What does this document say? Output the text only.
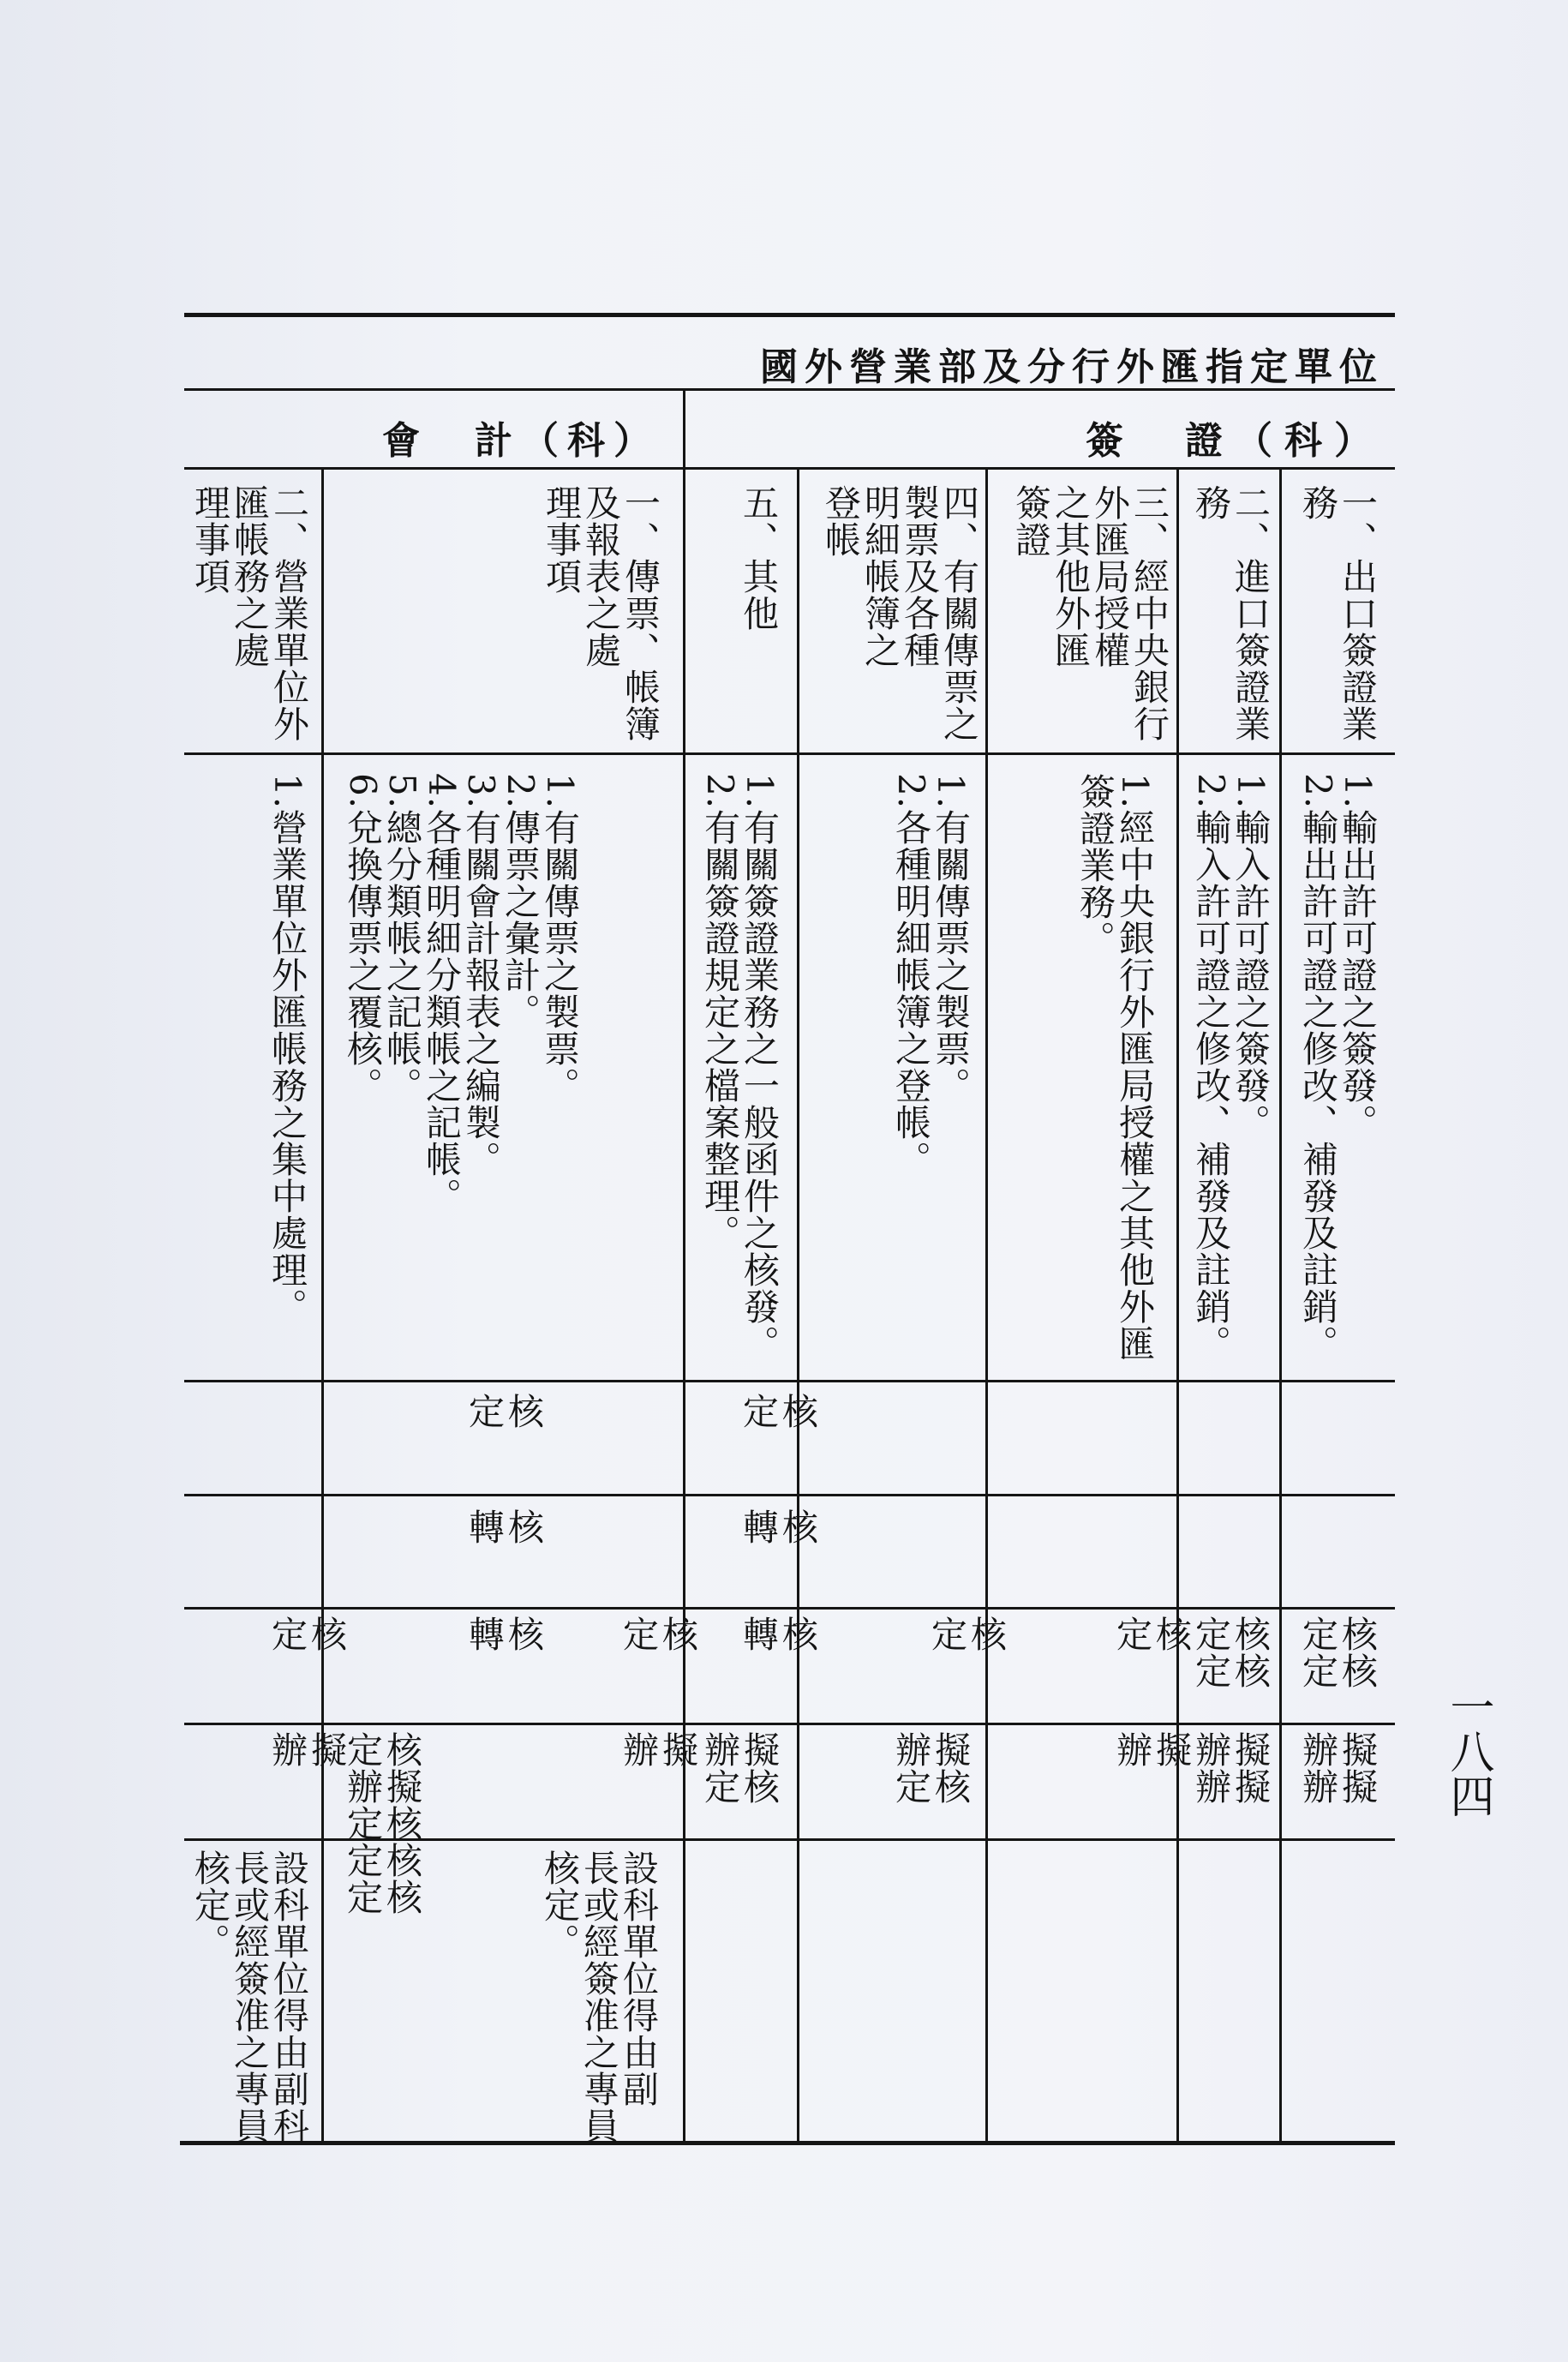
國外營業部及分行外匯指定單位
簽　證（科）
會　計（科）
一、出口簽證業
務
1.輸出許可證之簽發。
2.輸出許可證之修改、補發及註銷。
核核
定定
擬擬
辦辦
二、進口簽證業
務
1.輸入許可證之簽發。
2.輸入許可證之修改、補發及註銷。
核核
定定
擬擬
辦辦
三、經中央銀行
外匯局授權
之其他外匯
簽證
1.經中央銀行外匯局授權之其他外匯
簽證業務。
核
定
擬
辦
四、有關傳票之
製票及各種
明細帳簿之
登帳
1.有關傳票之製票。
2.各種明細帳簿之登帳。
核
定
擬核
辦定
五、其他
1.有關簽證業務之一般函件之核發。
2.有關簽證規定之檔案整理。
核
定
核
轉
核
轉
擬核
辦定
一、傳票、帳簿
及報表之處
理事項
1.有關傳票之製票。
2.傳票之彙計。
3.有關會計報表之編製。
4.各種明細分類帳之記帳。
5.總分類帳之記帳。
6.兌換傳票之覆核。
核
定
核
轉
核
定
核
轉
擬
辦
核擬核核核
定辦定定定
設科單位得由副
長或經簽准之專員
核定。
二、營業單位外
匯帳務之處
理事項
1.營業單位外匯帳務之集中處理。
核
定
擬
辦
設科單位得由副科
長或經簽准之專員
核定。
一八四
